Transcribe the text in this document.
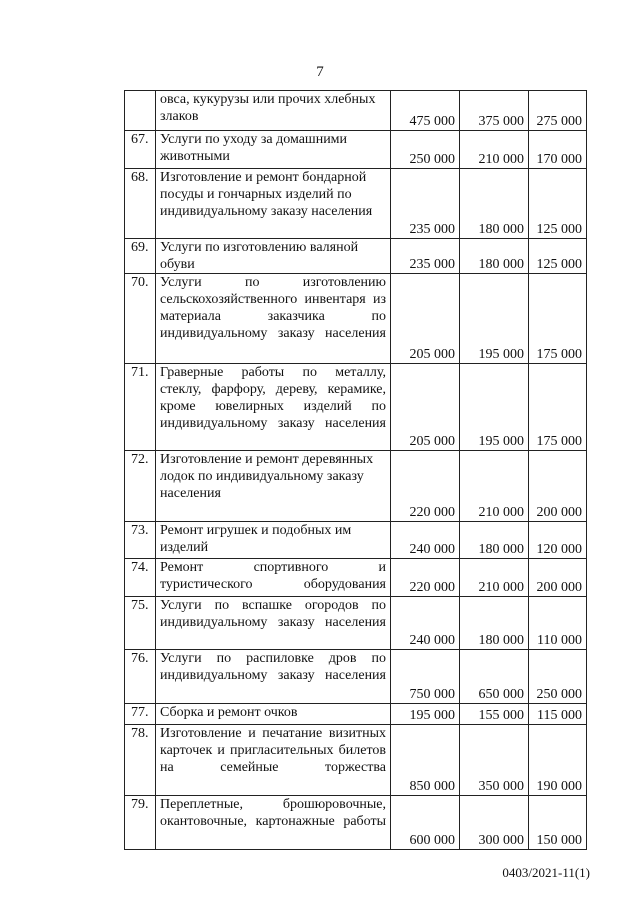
7
	овса, кукурузы или прочих хлебных злаков	475 000	375 000	275 000
67.	Услуги по уходу за домашними животными	250 000	210 000	170 000
68.	Изготовление и ремонт бондарной посуды и гончарных изделий по индивидуальному заказу населения	235 000	180 000	125 000
69.	Услуги по изготовлению валяной обуви	235 000	180 000	125 000
70.	Услуги по изготовлению сельскохозяйственного инвентаря из материала заказчика по индивидуальному заказу населения	205 000	195 000	175 000
71.	Граверные работы по металлу, стеклу, фарфору, дереву, керамике, кроме ювелирных изделий по индивидуальному заказу населения	205 000	195 000	175 000
72.	Изготовление и ремонт деревянных лодок по индивидуальному заказу населения	220 000	210 000	200 000
73.	Ремонт игрушек и подобных им изделий	240 000	180 000	120 000
74.	Ремонт спортивного и туристического оборудования	220 000	210 000	200 000
75.	Услуги по вспашке огородов по индивидуальному заказу населения	240 000	180 000	110 000
76.	Услуги по распиловке дров по индивидуальному заказу населения	750 000	650 000	250 000
77.	Сборка и ремонт очков	195 000	155 000	115 000
78.	Изготовление и печатание визитных карточек и пригласительных билетов на семейные торжества	850 000	350 000	190 000
79.	Переплетные, брошюровочные, окантовочные, картонажные работы	600 000	300 000	150 000
0403/2021-11(1)
